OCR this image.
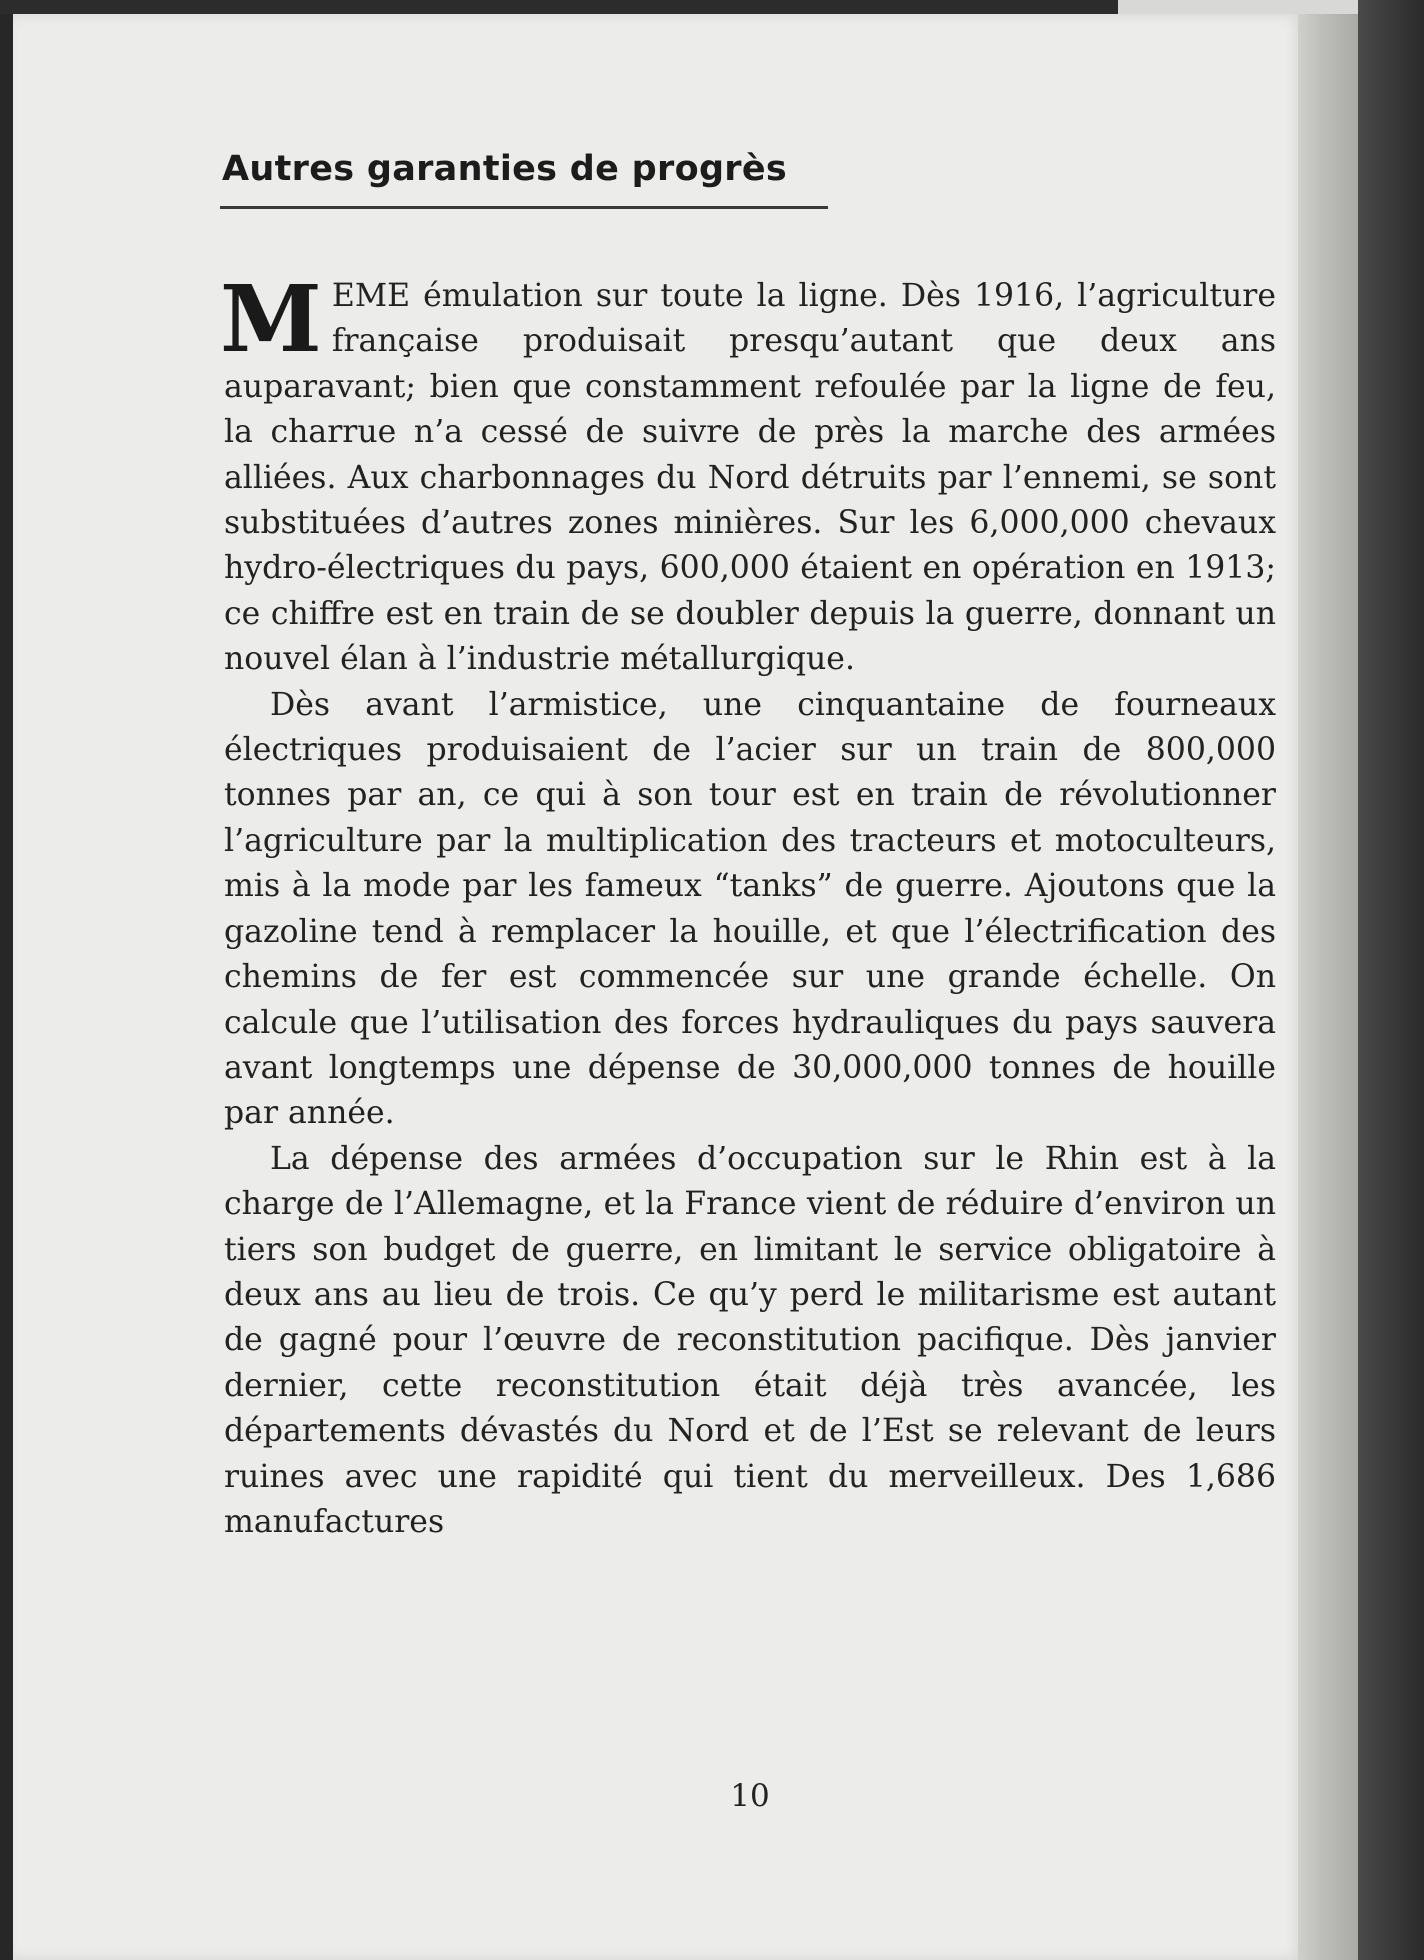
Autres garanties de progrès

MEME émulation sur toute la ligne. Dès 1916, l’agriculture française produisait presqu’autant que deux ans auparavant; bien que constamment refoulée par la ligne de feu, la charrue n’a cessé de suivre de près la marche des armées alliées. Aux charbonnages du Nord détruits par l’ennemi, se sont substituées d’autres zones minières. Sur les 6,000,000 chevaux hydro-électriques du pays, 600,000 étaient en opération en 1913; ce chiffre est en train de se doubler depuis la guerre, donnant un nouvel élan à l’industrie métallurgique.

Dès avant l’armistice, une cinquantaine de fourneaux électriques produisaient de l’acier sur un train de 800,000 tonnes par an, ce qui à son tour est en train de révolutionner l’agriculture par la multiplication des tracteurs et motoculteurs, mis à la mode par les fameux “tanks” de guerre. Ajoutons que la gazoline tend à remplacer la houille, et que l’électrification des chemins de fer est commencée sur une grande échelle. On calcule que l’utilisation des forces hydrauliques du pays sauvera avant longtemps une dépense de 30,000,000 tonnes de houille par année.

La dépense des armées d’occupation sur le Rhin est à la charge de l’Allemagne, et la France vient de réduire d’environ un tiers son budget de guerre, en limitant le service obligatoire à deux ans au lieu de trois. Ce qu’y perd le militarisme est autant de gagné pour l’œuvre de reconstitution pacifique. Dès janvier dernier, cette reconstitution était déjà très avancée, les départements dévastés du Nord et de l’Est se relevant de leurs ruines avec une rapidité qui tient du merveilleux. Des 1,686 manufactures

10
